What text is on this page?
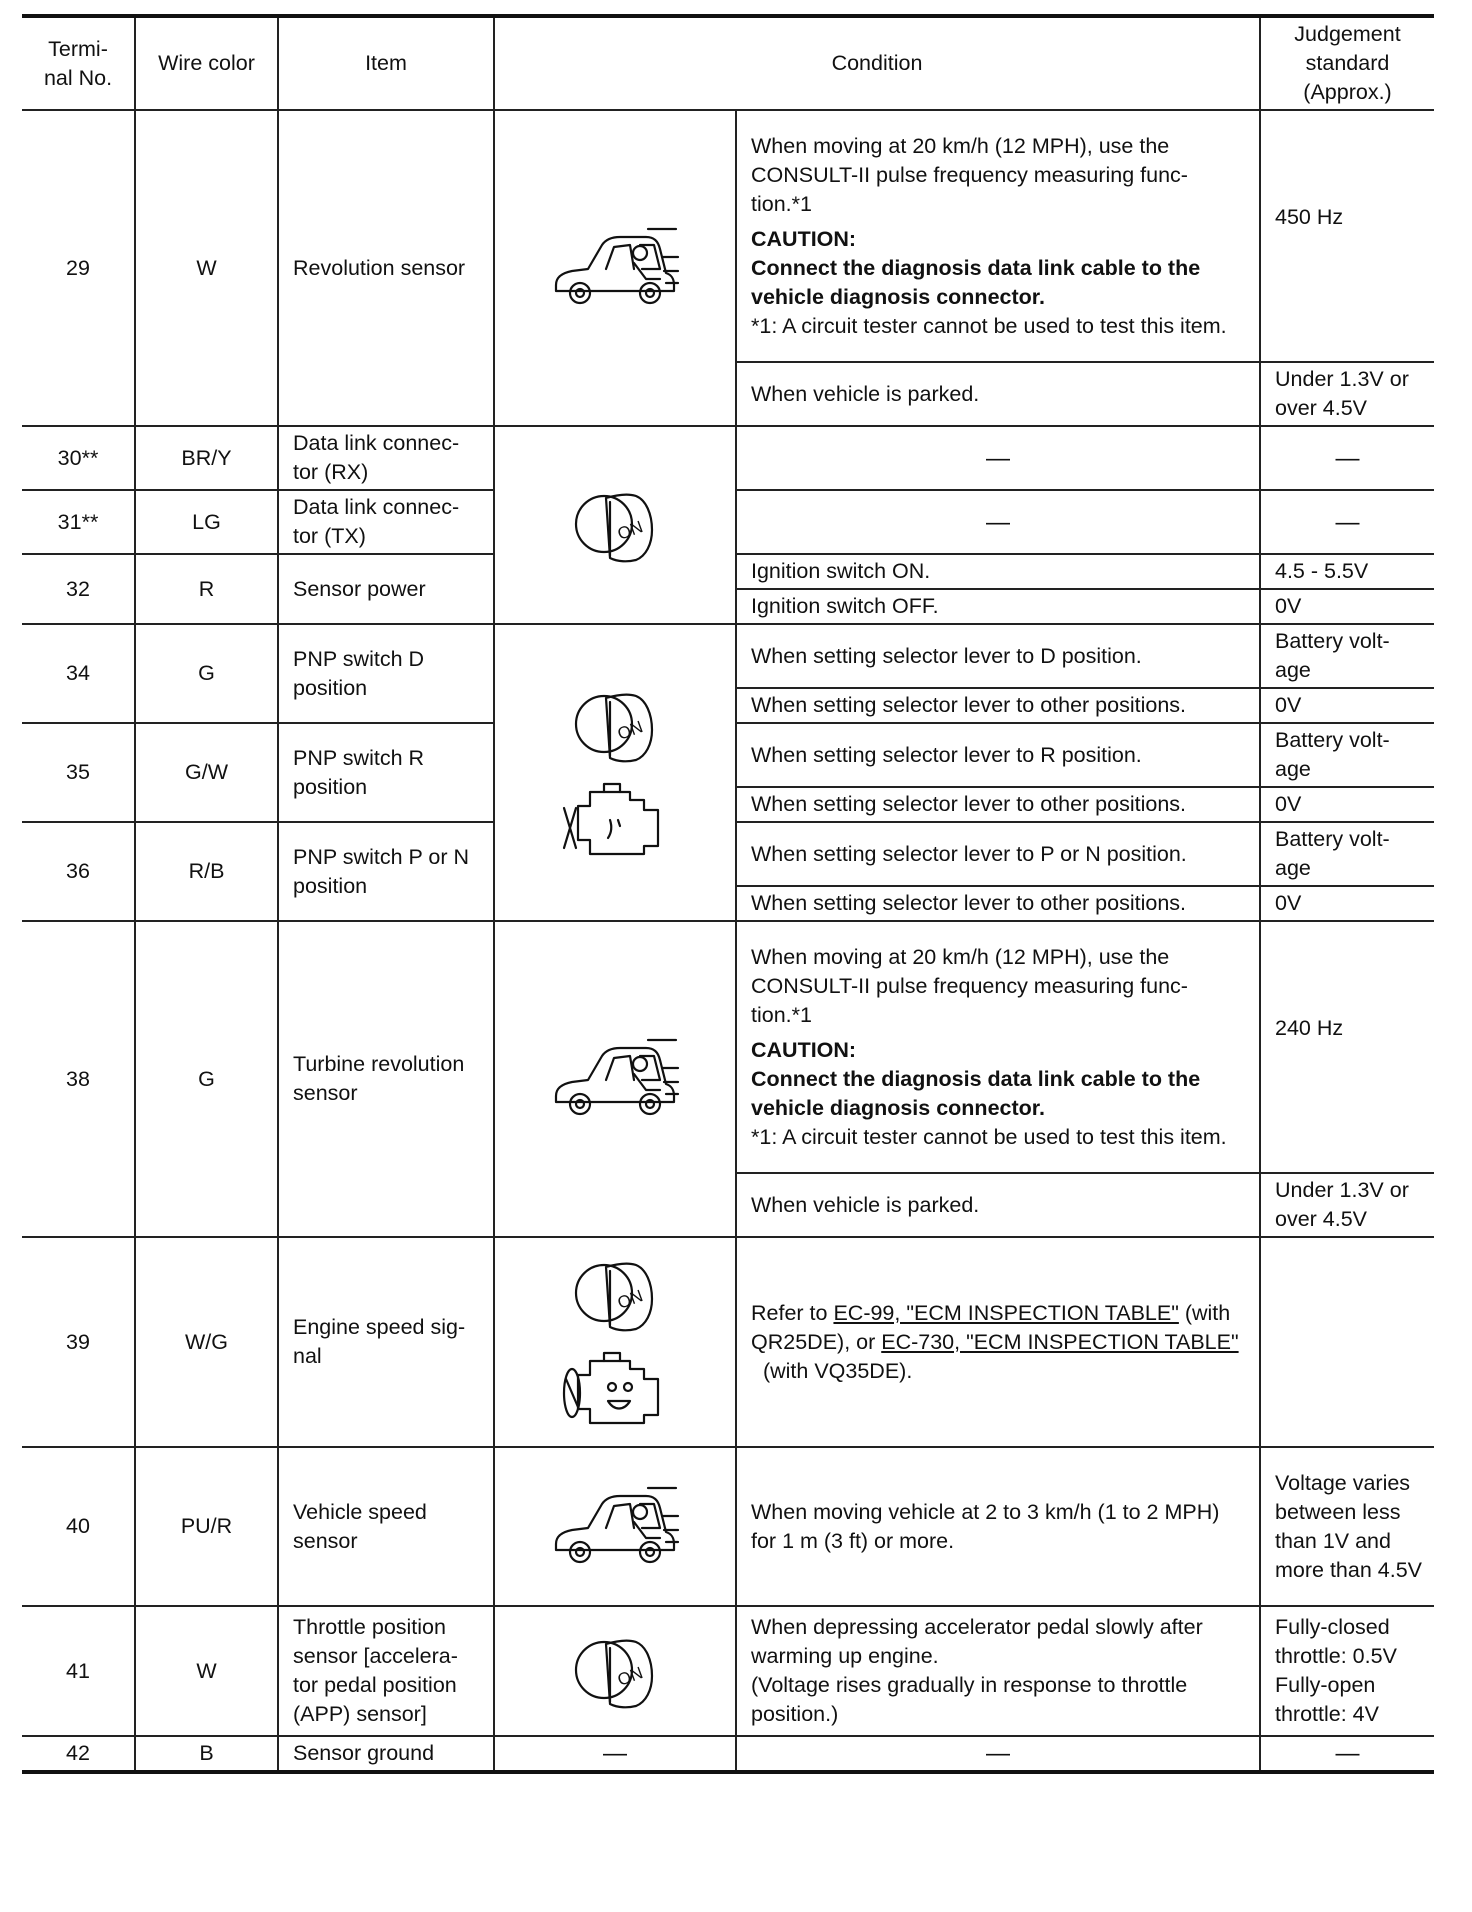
Termi-
nal No.	Wire color	Item	Condition		Judgement
standard
(Approx.)
29	W	Revolution sensor		When moving at 20 km/h (12 MPH), use the CONSULT-II pulse frequency measuring func-tion.*1

CAUTION:
Connect the diagnosis data link cable to the vehicle diagnosis connector.
*1: A circuit tester cannot be used to test this item.	450 Hz
				When vehicle is parked.	Under 1.3V or over 4.5V
30**	BR/Y	Data link connec-tor (RX)		—	—
31**	LG	Data link connec-tor (TX)		—	—
32	R	Sensor power		Ignition switch ON.	4.5 - 5.5V
				Ignition switch OFF.	0V
34	G	PNP switch D position		When setting selector lever to D position.	Battery volt-age
				When setting selector lever to other positions.	0V
35	G/W	PNP switch R position		When setting selector lever to R position.	Battery volt-age
				When setting selector lever to other positions.	0V
36	R/B	PNP switch P or N position		When setting selector lever to P or N position.	Battery volt-age
				When setting selector lever to other positions.	0V
38	G	Turbine revolution sensor		When moving at 20 km/h (12 MPH), use the CONSULT-II pulse frequency measuring func-tion.*1

CAUTION:
Connect the diagnosis data link cable to the vehicle diagnosis connector.
*1: A circuit tester cannot be used to test this item.	240 Hz
				When vehicle is parked.	Under 1.3V or over 4.5V
39	W/G	Engine speed sig-nal		Refer to EC-99, "ECM INSPECTION TABLE" (with QR25DE), or EC-730, "ECM INSPECTION TABLE"  (with VQ35DE).	
40	PU/R	Vehicle speed sensor		When moving vehicle at 2 to 3 km/h (1 to 2 MPH) for 1 m (3 ft) or more.	Voltage varies between less than 1V and more than 4.5V
41	W	Throttle position sensor [accelera-tor pedal position (APP) sensor]		When depressing accelerator pedal slowly after warming up engine.
(Voltage rises gradually in response to throttle position.)	Fully-closed throttle: 0.5V
Fully-open throttle: 4V
42	B	Sensor ground	—	—	—
